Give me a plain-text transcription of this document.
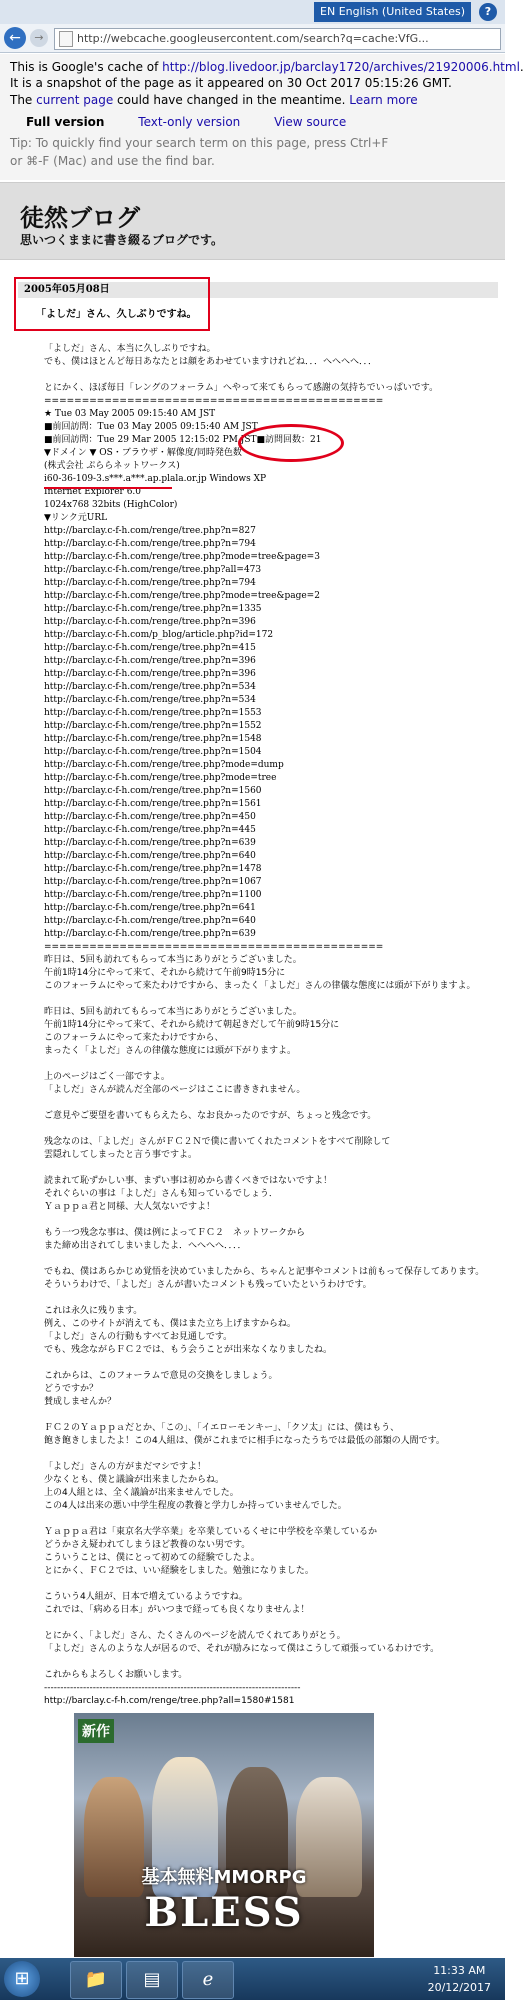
EN English (United States)	?
←	→	http://webcache.googleusercontent.com/search?q=cache:VfG...
This is Google's cache of http://blog.livedoor.jp/barclay1720/archives/21920006.html.
It is a snapshot of the page as it appeared on 30 Oct 2017 05:15:26 GMT.
The current page could have changed in the meantime. Learn more
Full version	Text-only version	View source
Tip: To quickly find your search term on this page, press Ctrl+F
or ⌘-F (Mac) and use the find bar.
徒然ブログ
思いつくままに書き綴るブログです。
2005年05月08日
「よしだ」さん、久しぶりですね。
「よしだ」さん、本当に久しぶりですね。
でも、僕はほとんど毎日あなたとは顔をあわせていますけれどね．．．へへへへ．．．

とにかく、ほぼ毎日「レングのフォーラム」へやって来てもらって感謝の気持ちでいっぱいです。
=============================================
★ Tue 03 May 2005 09:15:40 AM JST
■前回訪問：Tue 03 May 2005 09:15:40 AM JST
■前回訪問：Tue 29 Mar 2005 12:15:02 PM JST■訪問回数：21
▼ドメイン ▼ OS・ブラウザ・解像度/同時発色数
(株式会社 ぷららネットワークス)
i60-36-109-3.s***.a***.ap.plala.or.jp Windows XP
Internet Explorer 6.0
1024x768 32bits (HighColor)
▼リンク元URL
http://barclay.c-f-h.com/renge/tree.php?n=827
http://barclay.c-f-h.com/renge/tree.php?n=794
http://barclay.c-f-h.com/renge/tree.php?mode=tree&page=3
http://barclay.c-f-h.com/renge/tree.php?all=473
http://barclay.c-f-h.com/renge/tree.php?n=794
http://barclay.c-f-h.com/renge/tree.php?mode=tree&page=2
http://barclay.c-f-h.com/renge/tree.php?n=1335
http://barclay.c-f-h.com/renge/tree.php?n=396
http://barclay.c-f-h.com/p_blog/article.php?id=172
http://barclay.c-f-h.com/renge/tree.php?n=415
http://barclay.c-f-h.com/renge/tree.php?n=396
http://barclay.c-f-h.com/renge/tree.php?n=396
http://barclay.c-f-h.com/renge/tree.php?n=534
http://barclay.c-f-h.com/renge/tree.php?n=534
http://barclay.c-f-h.com/renge/tree.php?n=1553
http://barclay.c-f-h.com/renge/tree.php?n=1552
http://barclay.c-f-h.com/renge/tree.php?n=1548
http://barclay.c-f-h.com/renge/tree.php?n=1504
http://barclay.c-f-h.com/renge/tree.php?mode=dump
http://barclay.c-f-h.com/renge/tree.php?mode=tree
http://barclay.c-f-h.com/renge/tree.php?n=1560
http://barclay.c-f-h.com/renge/tree.php?n=1561
http://barclay.c-f-h.com/renge/tree.php?n=450
http://barclay.c-f-h.com/renge/tree.php?n=445
http://barclay.c-f-h.com/renge/tree.php?n=639
http://barclay.c-f-h.com/renge/tree.php?n=640
http://barclay.c-f-h.com/renge/tree.php?n=1478
http://barclay.c-f-h.com/renge/tree.php?n=1067
http://barclay.c-f-h.com/renge/tree.php?n=1100
http://barclay.c-f-h.com/renge/tree.php?n=641
http://barclay.c-f-h.com/renge/tree.php?n=640
http://barclay.c-f-h.com/renge/tree.php?n=639
=============================================
昨日は、5回も訪れてもらって本当にありがとうございました。
午前1時14分にやって来て、それから続けて午前9時15分に
このフォーラムにやって来たわけですから、まったく「よしだ」さんの律儀な態度には頭が下がりますよ。

昨日は、5回も訪れてもらって本当にありがとうございました。
午前1時14分にやって来て、それから続けて朝起きだして午前9時15分に
このフォーラムにやって来たわけですから、
まったく「よしだ」さんの律儀な態度には頭が下がりますよ。

上のページはごく一部ですよ。
「よしだ」さんが読んだ全部のページはここに書ききれません。

ご意見やご要望を書いてもらえたら、なお良かったのですが、ちょっと残念です。

残念なのは、「よしだ」さんがＦＣ２Ｎで僕に書いてくれたコメントをすべて削除して
雲隠れしてしまったと言う事ですよ。

読まれて恥ずかしい事、まずい事は初めから書くべきではないですよ！
それぐらいの事は「よしだ」さんも知っているでしょう．
Ｙａｐｐａ君と同様、大人気ないですよ！

もう一つ残念な事は、僕は例によってＦＣ２　ネットワークから
また締め出されてしまいましたよ．へへへへ．．．．

でもね、僕はあらかじめ覚悟を決めていましたから、ちゃんと記事やコメントは前もって保存してあります。
そういうわけで、「よしだ」さんが書いたコメントも残っていたというわけです。

これは永久に残ります。
例え、このサイトが消えても、僕はまた立ち上げますからね。
「よしだ」さんの行動もすべてお見通しです。
でも、残念ながらＦＣ２では、もう会うことが出来なくなりましたね。

これからは、このフォーラムで意見の交換をしましょう。
どうですか？
賛成しませんか？

ＦＣ２のＹａｐｐａだとか、「この」、「イエローモンキー」、「クソ太」には、僕はもう、
飽き飽きしましたよ！この4人組は、僕がこれまでに相手になったうちでは最低の部類の人間です。

「よしだ」さんの方がまだマシですよ！
少なくとも、僕と議論が出来ましたからね。
上の4人組とは、全く議論が出来ませんでした。
この4人は出来の悪い中学生程度の教養と学力しか持っていませんでした。

Ｙａｐｐａ君は「東京名大学卒業」を卒業しているくせに中学校を卒業しているか
どうかさえ疑われてしまうほど教養のない男です。
こういうことは、僕にとって初めての経験でしたよ。
とにかく、ＦＣ２では、いい経験をしました。勉強になりました。

こういう4人組が、日本で増えているようですね。
これでは、「病める日本」がいつまで経っても良くなりませんよ！

とにかく、「よしだ」さん、たくさんのページを読んでくれてありがとう。
「よしだ」さんのような人が居るので、それが励みになって僕はこうして頑張っているわけです。

これからもよろしくお願いします。
-------------------------------------------------------------------------------
http://barclay.c-f-h.com/renge/tree.php?all=1580#1581
新作
基本無料MMORPG
BLESS
⊞	📁	▤	ℯ	11:33 AM
20/12/2017
